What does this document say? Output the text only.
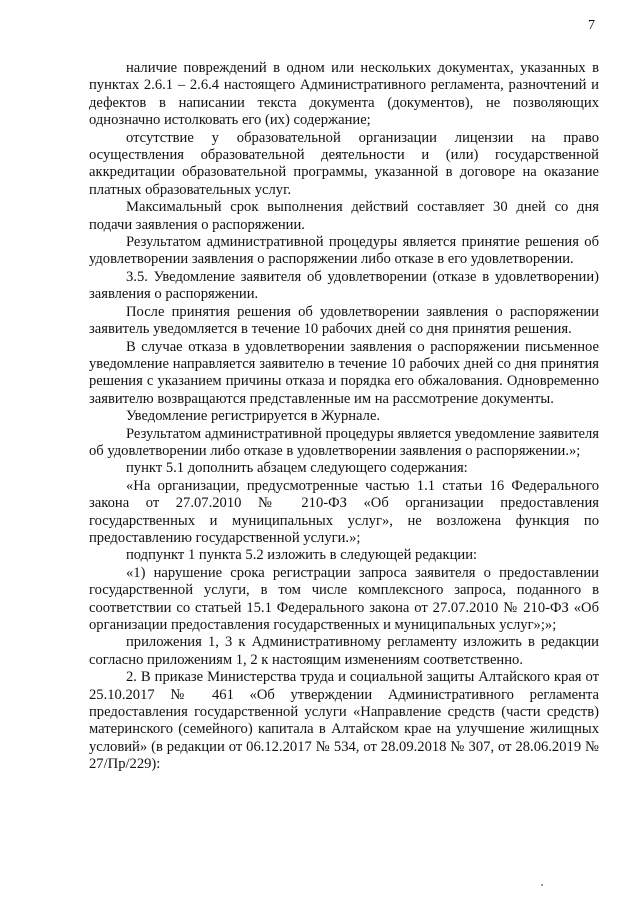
7

наличие повреждений в одном или нескольких документах, указанных в пунктах 2.6.1 – 2.6.4 настоящего Административного регламента, разночтений и дефектов в написании текста документа (документов), не позволяющих однозначно истолковать его (их) содержание;

отсутствие у образовательной организации лицензии на право осуществления образовательной деятельности и (или) государственной аккредитации образовательной программы, указанной в договоре на оказание платных образовательных услуг.

Максимальный срок выполнения действий составляет 30 дней со дня подачи заявления о распоряжении.

Результатом административной процедуры является принятие решения об удовлетворении заявления о распоряжении либо отказе в его удовлетворении.

3.5. Уведомление заявителя об удовлетворении (отказе в удовлетворении) заявления о распоряжении.

После принятия решения об удовлетворении заявления о распоряжении заявитель уведомляется в течение 10 рабочих дней со дня принятия решения.

В случае отказа в удовлетворении заявления о распоряжении письменное уведомление направляется заявителю в течение 10 рабочих дней со дня принятия решения с указанием причины отказа и порядка его обжалования. Одновременно заявителю возвращаются представленные им на рассмотрение документы.

Уведомление регистрируется в Журнале.

Результатом административной процедуры является уведомление заявителя об удовлетворении либо отказе в удовлетворении заявления о распоряжении.»;

пункт 5.1 дополнить абзацем следующего содержания:

«На организации, предусмотренные частью 1.1 статьи 16 Федерального закона от 27.07.2010 № 210-ФЗ «Об организации предоставления государственных и муниципальных услуг», не возложена функция по предоставлению государственной услуги.»;

подпункт 1 пункта 5.2 изложить в следующей редакции:

«1) нарушение срока регистрации запроса заявителя о предоставлении государственной услуги, в том числе комплексного запроса, поданного в соответствии со статьей 15.1 Федерального закона от 27.07.2010 № 210-ФЗ «Об организации предоставления государственных и муниципальных услуг»;»;

приложения 1, 3 к Административному регламенту изложить в редакции согласно приложениям 1, 2 к настоящим изменениям соответственно.

2. В приказе Министерства труда и социальной защиты Алтайского края от 25.10.2017 № 461 «Об утверждении Административного регламента предоставления государственной услуги «Направление средств (части средств) материнского (семейного) капитала в Алтайском крае на улучшение жилищных условий» (в редакции от 06.12.2017 № 534, от 28.09.2018 № 307, от 28.06.2019 № 27/Пр/229):
